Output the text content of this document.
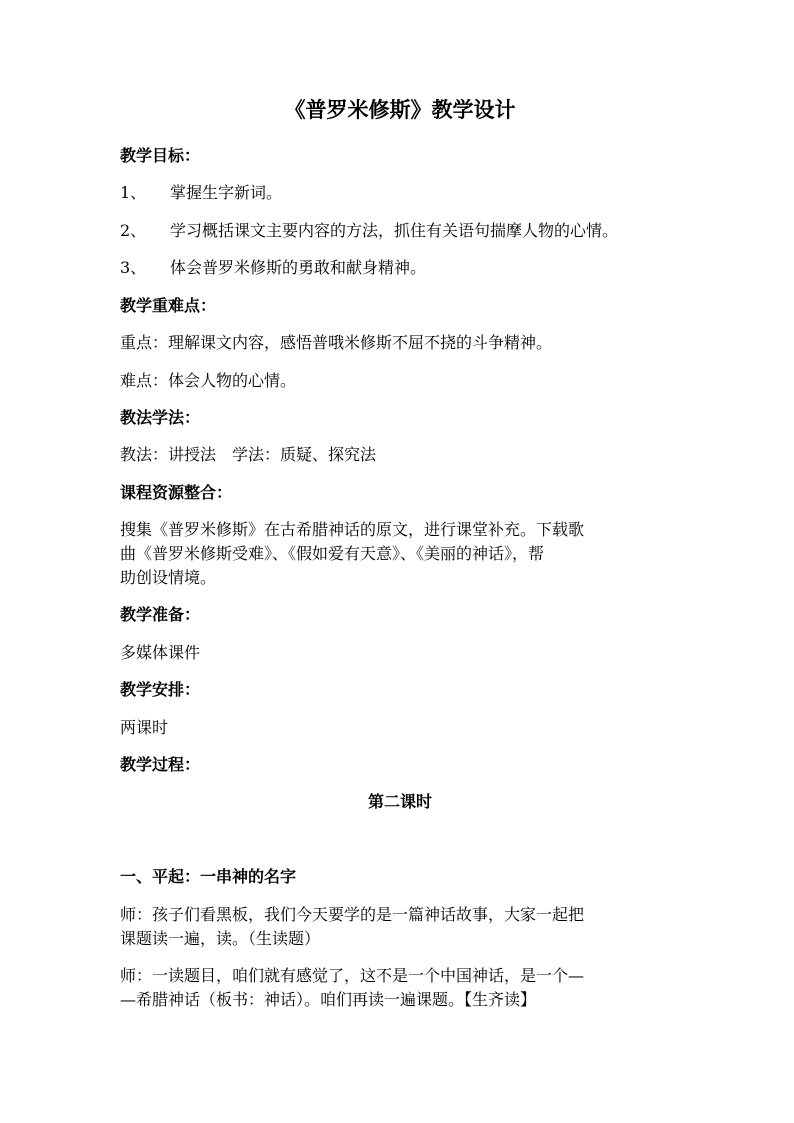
《普罗米修斯》教学设计
教学目标：
1、 掌握生字新词。
2、 学习概括课文主要内容的方法，抓住有关语句揣摩人物的心情。
3、 体会普罗米修斯的勇敢和献身精神。
教学重难点：
重点：理解课文内容，感悟普哦米修斯不屈不挠的斗争精神。
难点：体会人物的心情。
教法学法：
教法：讲授法　学法：质疑、探究法
课程资源整合：
搜集《普罗米修斯》在古希腊神话的原文，进行课堂补充。下载歌
曲《普罗米修斯受难》、《假如爱有天意》、《美丽的神话》，帮
助创设情境。
教学准备：
多媒体课件
教学安排：
两课时
教学过程：
第二课时
一、平起：一串神的名字
师：孩子们看黑板，我们今天要学的是一篇神话故事，大家一起把
课题读一遍，读。（生读题）
师：一读题目，咱们就有感觉了，这不是一个中国神话，是一个—
—希腊神话（板书：神话）。咱们再读一遍课题。【生齐读】
